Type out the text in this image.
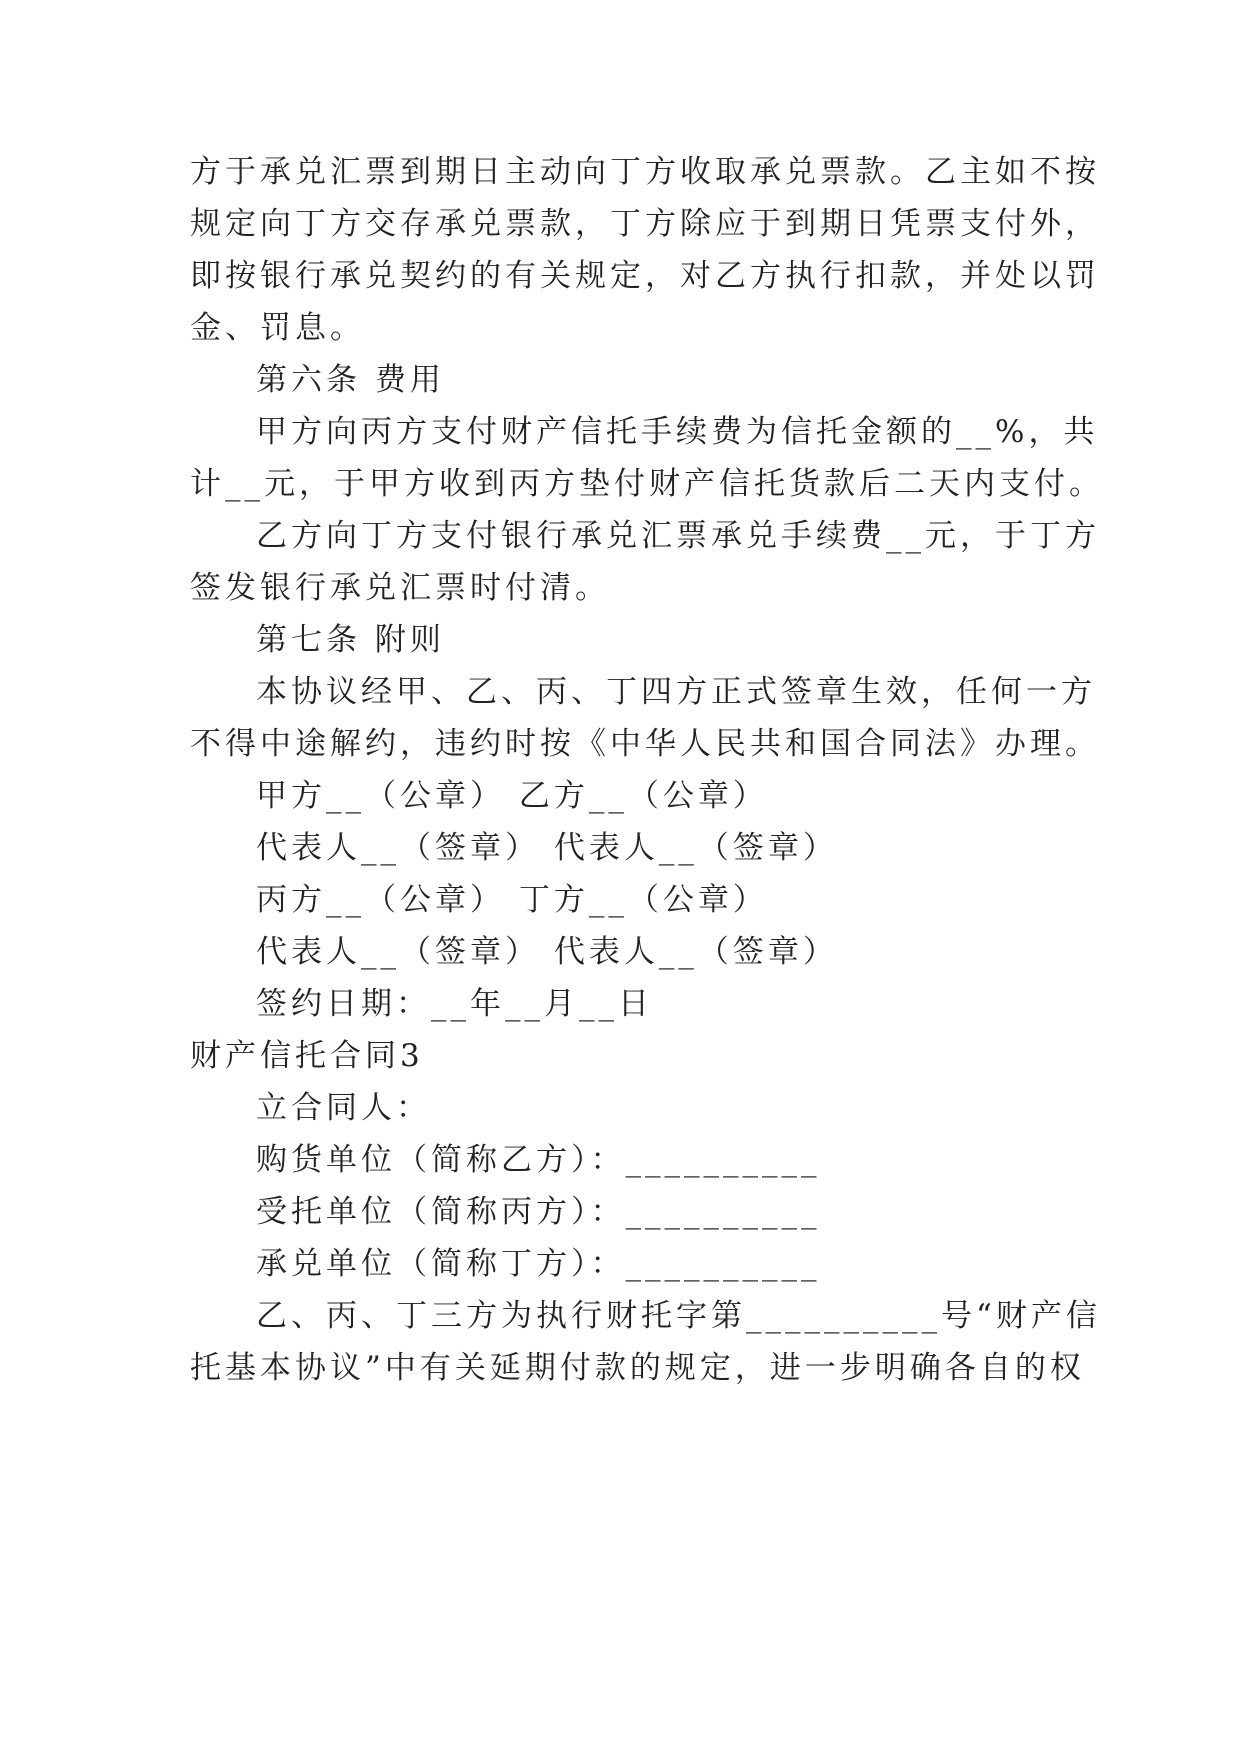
方于承兑汇票到期日主动向丁方收取承兑票款。乙主如不按
规定向丁方交存承兑票款，丁方除应于到期日凭票支付外，
即按银行承兑契约的有关规定，对乙方执行扣款，并处以罚
金、罚息。
第六条 费用
甲方向丙方支付财产信托手续费为信托金额的__%，共
计__元，于甲方收到丙方垫付财产信托货款后二天内支付。
乙方向丁方支付银行承兑汇票承兑手续费__元，于丁方
签发银行承兑汇票时付清。
第七条 附则
本协议经甲、乙、丙、丁四方正式签章生效，任何一方
不得中途解约，违约时按《中华人民共和国合同法》办理。
甲方__（公章） 乙方__（公章）
代表人__（签章） 代表人__（签章）
丙方__（公章） 丁方__（公章）
代表人__（签章） 代表人__（签章）
签约日期：__年__月__日
财产信托合同3
立合同人：
购货单位（简称乙方）：__________
受托单位（简称丙方）：__________
承兑单位（简称丁方）：__________
乙、丙、丁三方为执行财托字第__________号“财产信
托基本协议”中有关延期付款的规定，进一步明确各自的权
